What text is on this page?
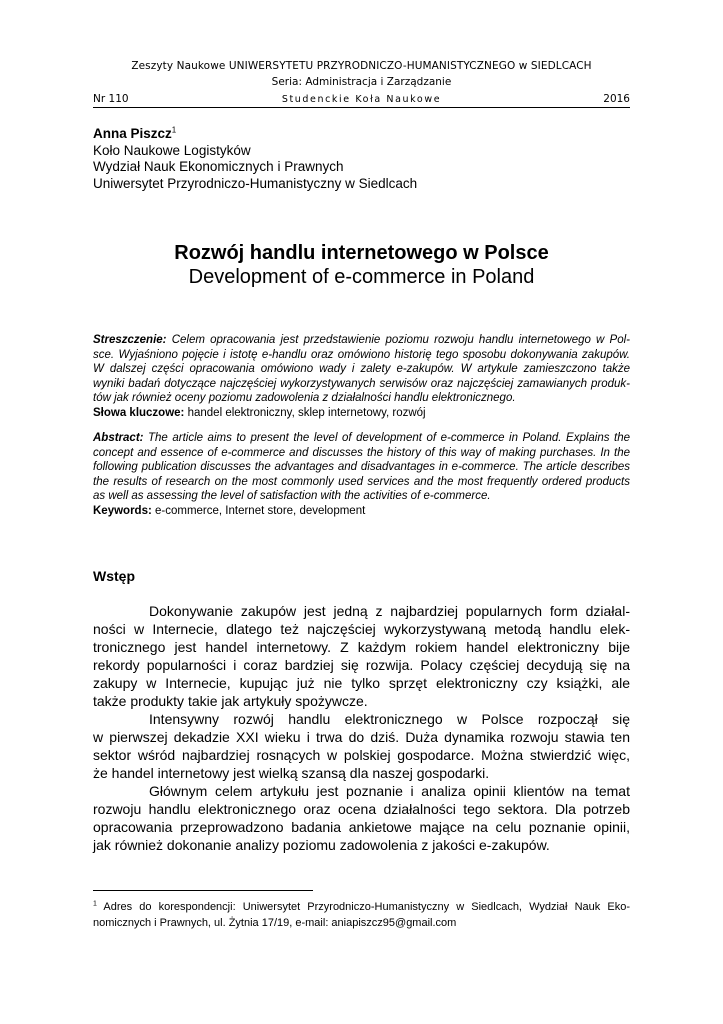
Zeszyty Naukowe UNIWERSYTETU PRZYRODNICZO-HUMANISTYCZNEGO w SIEDLCACH
Seria: Administracja i Zarządzanie
Nr 110	Studenckie Koła Naukowe	2016
Anna Piszcz$^1$
Koło Naukowe Logistyków
Wydział Nauk Ekonomicznych i Prawnych
Uniwersytet Przyrodniczo-Humanistyczny w Siedlcach
Rozwój handlu internetowego w Polsce
Development of e-commerce in Poland
Streszczenie: Celem opracowania jest przedstawienie poziomu rozwoju handlu internetowego w Pol-
sce. Wyjaśniono pojęcie i istotę e-handlu oraz omówiono historię tego sposobu dokonywania zakupów.
W dalszej części opracowania omówiono wady i zalety e-zakupów. W artykule zamieszczono także
wyniki badań dotyczące najczęściej wykorzystywanych serwisów oraz najczęściej zamawianych produk-
tów jak również oceny poziomu zadowolenia z działalności handlu elektronicznego.
Słowa kluczowe: handel elektroniczny, sklep internetowy, rozwój
Abstract: The article aims to present the level of development of e-commerce in Poland. Explains the
concept and essence of e-commerce and discusses the history of this way of making purchases. In the
following publication discusses the advantages and disadvantages in e-commerce. The article describes
the results of research on the most commonly used services and the most frequently ordered products
as well as assessing the level of satisfaction with the activities of e-commerce.
Keywords: e-commerce, Internet store, development
Wstęp
Dokonywanie zakupów jest jedną z najbardziej popularnych form działal-
ności w Internecie, dlatego też najczęściej wykorzystywaną metodą handlu elek-
tronicznego jest handel internetowy. Z każdym rokiem handel elektroniczny bije
rekordy popularności i coraz bardziej się rozwija. Polacy częściej decydują się na
zakupy w Internecie, kupując już nie tylko sprzęt elektroniczny czy książki, ale
także produkty takie jak artykuły spożywcze.
Intensywny rozwój handlu elektronicznego w Polsce rozpoczął się
w pierwszej dekadzie XXI wieku i trwa do dziś. Duża dynamika rozwoju stawia ten
sektor wśród najbardziej rosnących w polskiej gospodarce. Można stwierdzić więc,
że handel internetowy jest wielką szansą dla naszej gospodarki.
Głównym celem artykułu jest poznanie i analiza opinii klientów na temat
rozwoju handlu elektronicznego oraz ocena działalności tego sektora. Dla potrzeb
opracowania przeprowadzono badania ankietowe mające na celu poznanie opinii,
jak również dokonanie analizy poziomu zadowolenia z jakości e-zakupów.
$^1$ Adres do korespondencji: Uniwersytet Przyrodniczo-Humanistyczny w Siedlcach, Wydział Nauk Eko-
nomicznych i Prawnych, ul. Żytnia 17/19, e-mail: aniapiszcz95@gmail.com
